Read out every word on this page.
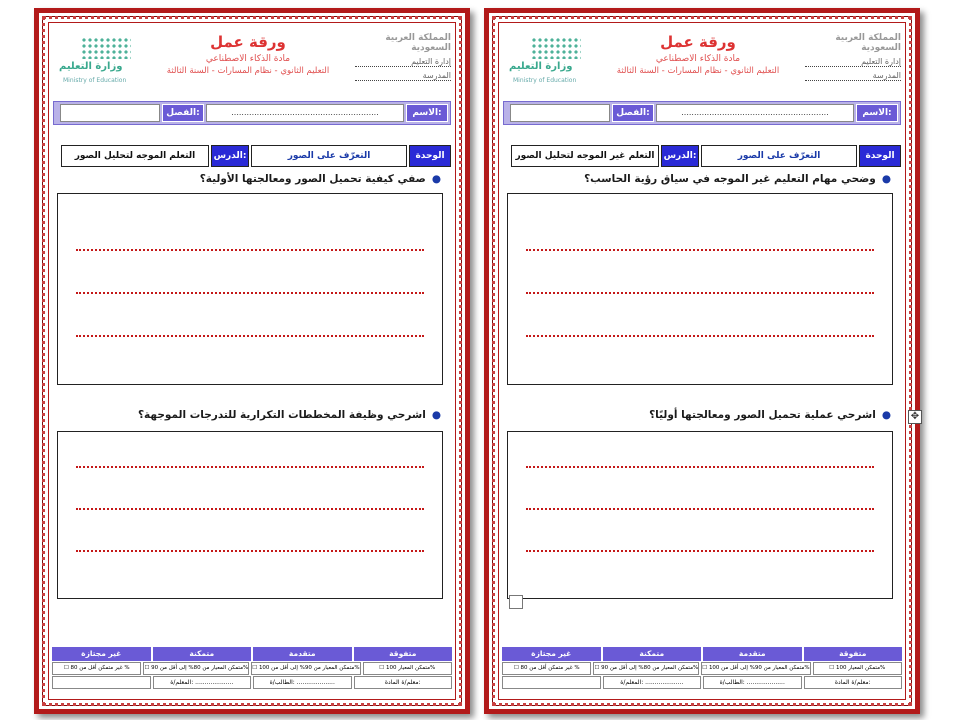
وزارة التعليم
Ministry of Education
ورقة عمل
مادة الذكاء الاصطناعي
التعليم الثانوي - نظام المسارات - السنة الثالثة
المملكة العربية السعودية
إدارة التعليم
المدرسة
الاسم:
..........................................................
الفصل:
الوحدة
التعرّف على الصور
الدرس:
التعلم الموجه لتحليل الصور
●صفي كيفية تحميل الصور ومعالجتها الأولية؟
●اشرحي وظيفة المخططات التكرارية للتدرجات الموجهة؟
غير مجتازة	متمكنة	متقدمة	متفوقة
☐ غير متمكن أقل من 80 %	☐ متمكن المعيار من 80% إلى أقل من 90% ☐ متمكن المعيار من 90% إلى أقل من 100%	☐ متمكن المعيار 100%
المعلم/ة: ....................	الطالب/ة: ....................	معلم/ة المادة:
وزارة التعليم
Ministry of Education
ورقة عمل
مادة الذكاء الاصطناعي
التعليم الثانوي - نظام المسارات - السنة الثالثة
المملكة العربية السعودية
إدارة التعليم
المدرسة
الاسم:
..........................................................
الفصل:
الوحدة
التعرّف على الصور
الدرس:
التعلم غير الموجه لتحليل الصور
●وضحي مهام التعليم غير الموجه في سياق رؤية الحاسب؟
●اشرحي عملية تحميل الصور ومعالجتها أوليًا؟
غير مجتازة	متمكنة	متقدمة	متفوقة
☐ غير متمكن أقل من 80 %	☐ متمكن المعيار من 80% إلى أقل من 90% ☐ متمكن المعيار من 90% إلى أقل من 100%	☐ متمكن المعيار 100%
المعلم/ة: ....................	الطالب/ة: ....................	معلم/ة المادة:
✥
